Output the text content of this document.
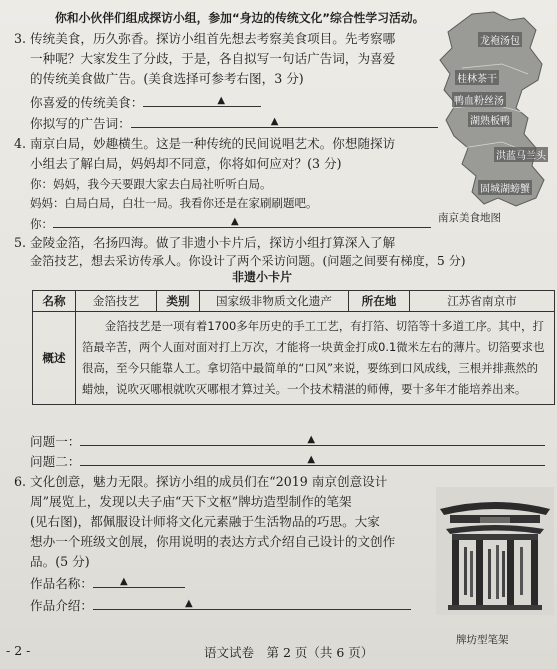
你和小伙伴们组成探访小组，参加“身边的传统文化”综合性学习活动。
3. 传统美食，历久弥香。探访小组首先想去考察美食项目。先考察哪
一种呢？大家发生了分歧，于是，各自拟写一句话广告词，为喜爱
的传统美食做广告。(美食选择可参考右图，3 分)
你喜爱的传统美食：	▲
你拟写的广告词：	▲
4. 南京白局，妙趣横生。这是一种传统的民间说唱艺术。你想随探访
小组去了解白局，妈妈却不同意，你将如何应对？(3 分)
你：妈妈，我今天要跟大家去白局社听听白局。
妈妈：白局白局，白壮一局。我看你还是在家刷刷题吧。
你：	▲
5. 金陵金箔，名扬四海。做了非遗小卡片后，探访小组打算深入了解
金箔技艺，想去采访传承人。你设计了两个采访问题。(问题之间要有梯度，5 分)
非遗小卡片
名称	金箔技艺	类别	国家级非物质文化遗产	所在地	江苏省南京市
概述	金箔技艺是一项有着1700多年历史的手工工艺，有打箔、切箔等十多道工序。其中，打箔最辛苦，两个人面对面对打上万次，才能将一块黄金打成0.1微米左右的薄片。切箔要求也很高，至今只能靠人工。拿切箔中最简单的“口风”来说，要练到口风成线，三根并排燕然的蜡烛，说吹灭哪根就吹灭哪根才算过关。一个技术精湛的师傅，要十多年才能培养出来。				
问题一：	▲
问题二：	▲
6. 文化创意，魅力无限。探访小组的成员们在“2019 南京创意设计
周”展览上，发现以夫子庙“天下文枢”牌坊造型制作的笔架
(见右图)，都佩服设计师将文化元素融于生活物品的巧思。大家
想办一个班级文创展，你用说明的表达方式介绍自己设计的文创作
品。(5 分)
作品名称：	▲
作品介绍：	▲
龙袍汤包
桂林茶干
鸭血粉丝汤
湖熟板鸭
洪蓝马兰头
固城湖螃蟹
南京美食地图
牌坊型笔架
- 2 -	语文试卷　第 2 页（共 6 页）
